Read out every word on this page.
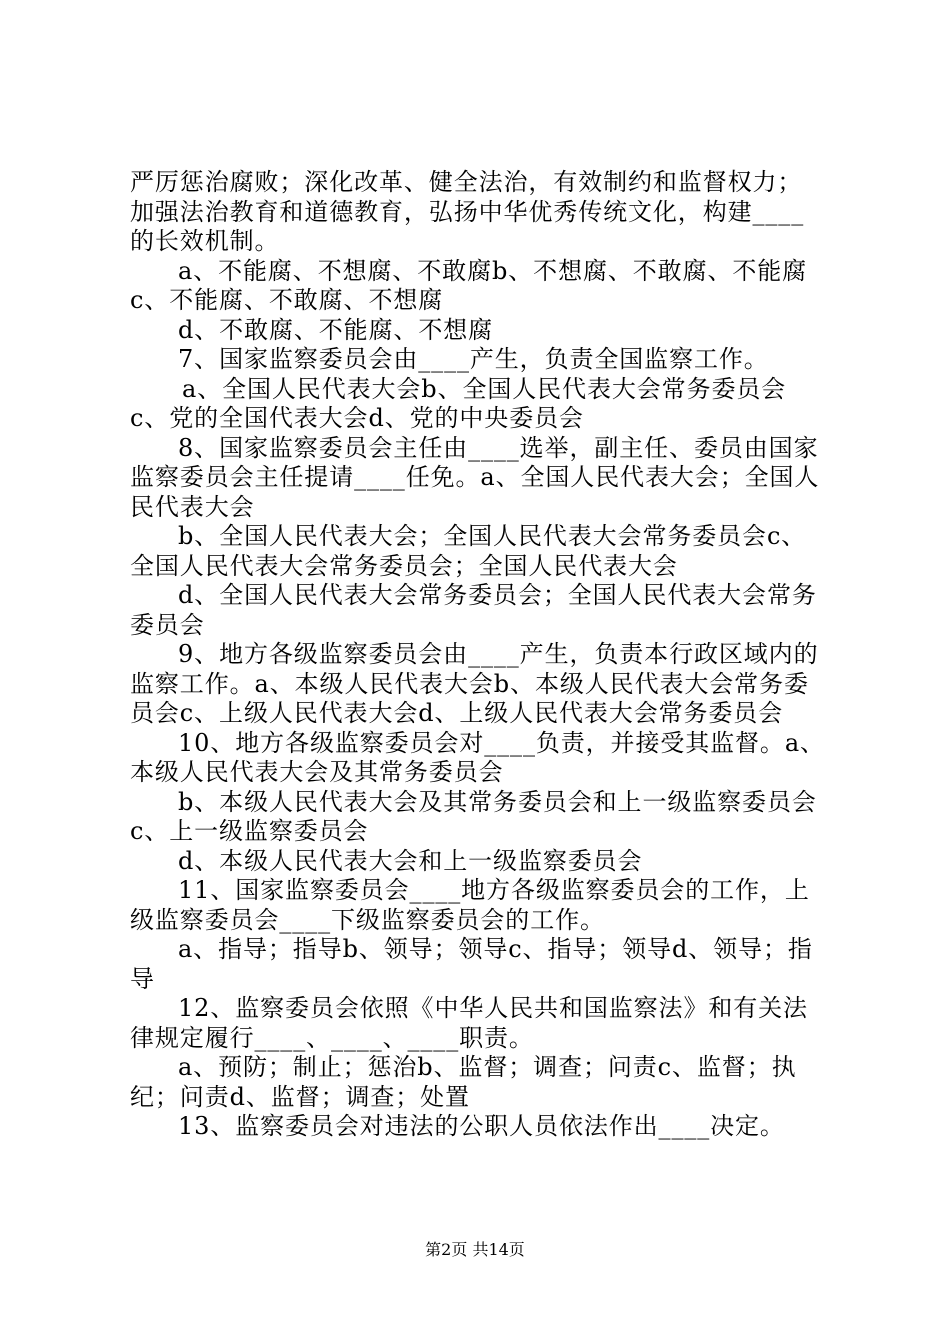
严厉惩治腐败；深化改革、健全法治，有效制约和监督权力；
加强法治教育和道德教育，弘扬中华优秀传统文化，构建____
的长效机制。
a、不能腐、不想腐、不敢腐b、不想腐、不敢腐、不能腐
c、不能腐、不敢腐、不想腐
d、不敢腐、不能腐、不想腐
7、国家监察委员会由____产生，负责全国监察工作。
a、全国人民代表大会b、全国人民代表大会常务委员会
c、党的全国代表大会d、党的中央委员会
8、国家监察委员会主任由____选举，副主任、委员由国家
监察委员会主任提请____任免。a、全国人民代表大会；全国人
民代表大会
b、全国人民代表大会；全国人民代表大会常务委员会c、
全国人民代表大会常务委员会；全国人民代表大会
d、全国人民代表大会常务委员会；全国人民代表大会常务
委员会
9、地方各级监察委员会由____产生，负责本行政区域内的
监察工作。a、本级人民代表大会b、本级人民代表大会常务委
员会c、上级人民代表大会d、上级人民代表大会常务委员会
10、地方各级监察委员会对____负责，并接受其监督。a、
本级人民代表大会及其常务委员会
b、本级人民代表大会及其常务委员会和上一级监察委员会
c、上一级监察委员会
d、本级人民代表大会和上一级监察委员会
11、国家监察委员会____地方各级监察委员会的工作，上
级监察委员会____下级监察委员会的工作。
a、指导；指导b、领导；领导c、指导；领导d、领导；指
导
12、监察委员会依照《中华人民共和国监察法》和有关法
律规定履行____、____、____职责。
a、预防；制止；惩治b、监督；调查；问责c、监督；执
纪；问责d、监督；调查；处置
13、监察委员会对违法的公职人员依法作出____决定。
第2页 共14页
